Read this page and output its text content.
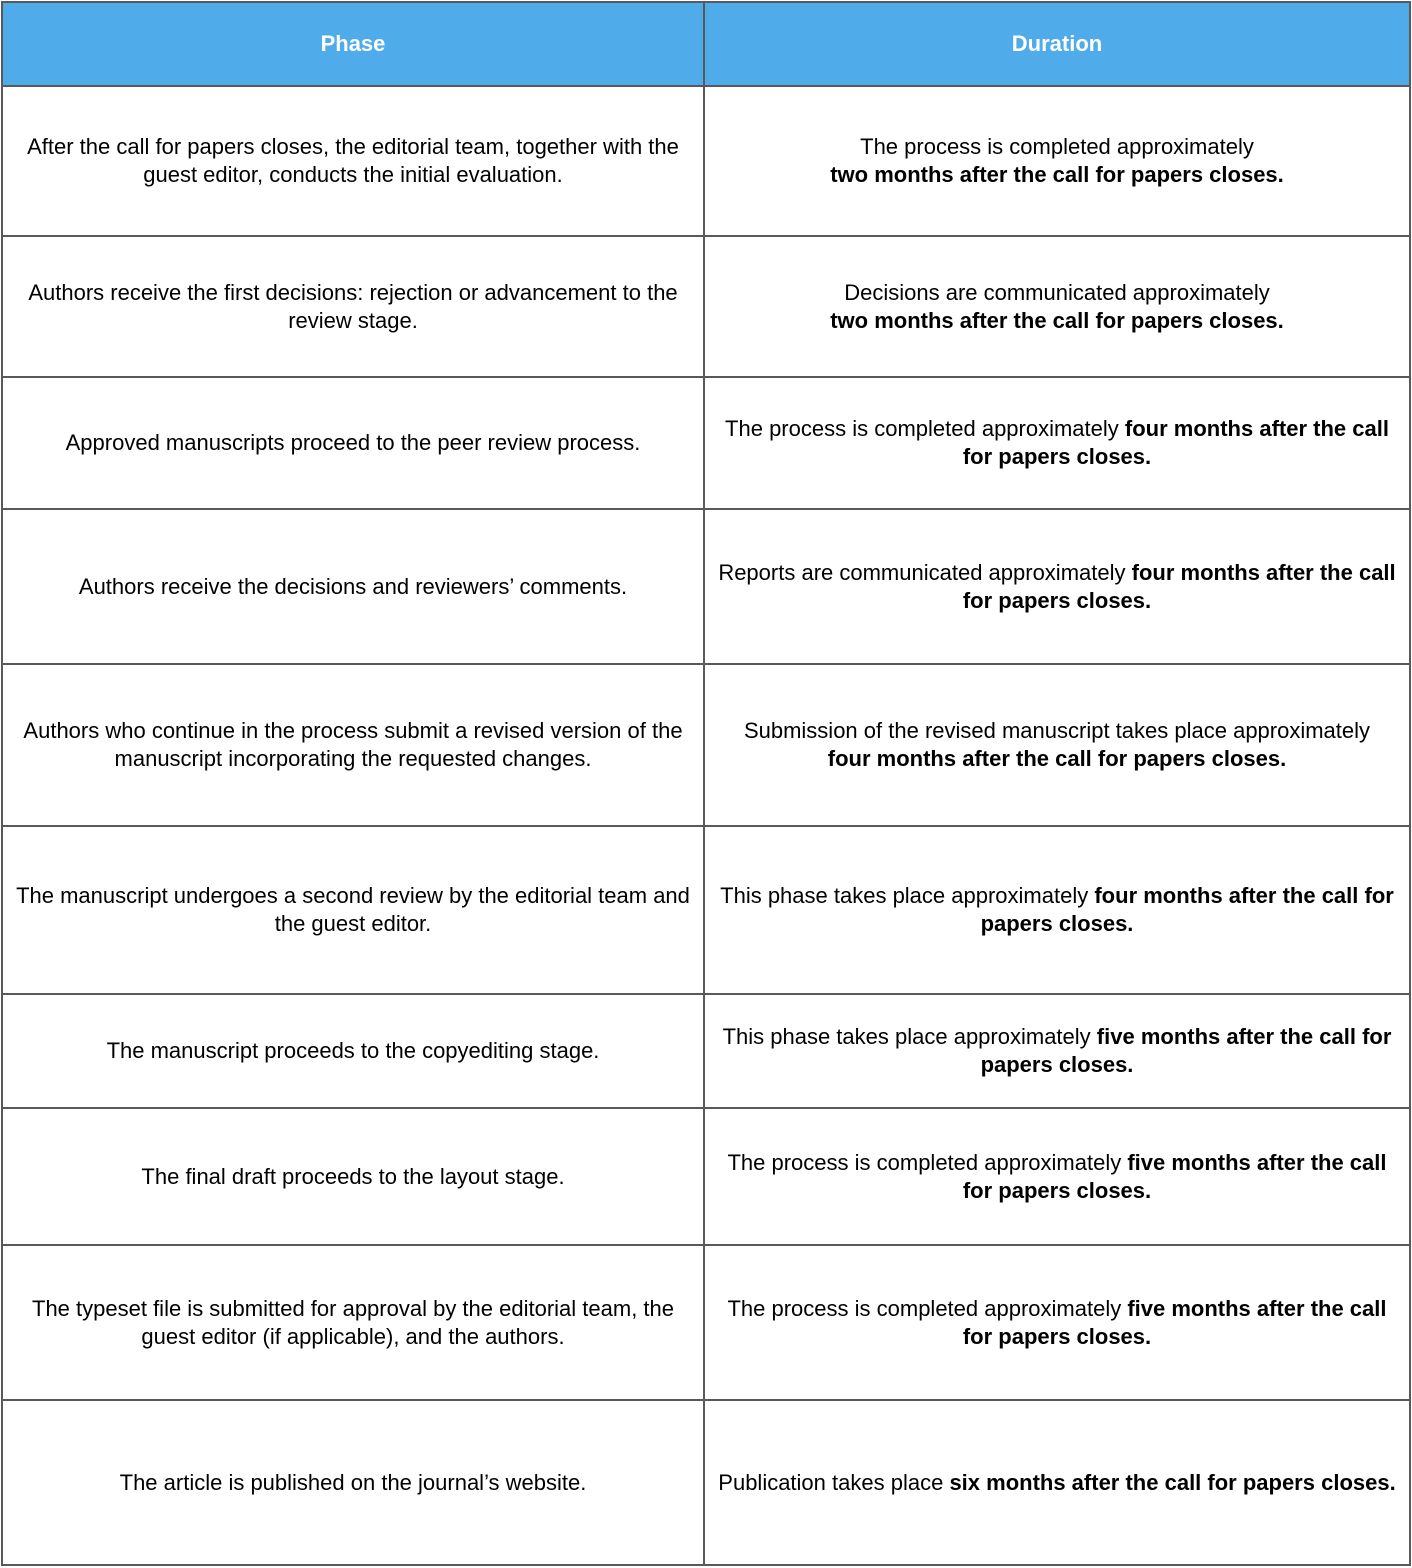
Phase	Duration
After the call for papers closes, the editorial team, together with the guest editor, conducts the initial evaluation.	The process is completed approximately
two months after the call for papers closes.
Authors receive the first decisions: rejection or advancement to the review stage.	Decisions are communicated approximately
two months after the call for papers closes.
Approved manuscripts proceed to the peer review process.	The process is completed approximately four months after the call for papers closes.
Authors receive the decisions and reviewers’ comments.	Reports are communicated approximately four months after the call for papers closes.
Authors who continue in the process submit a revised version of the manuscript incorporating the requested changes.	Submission of the revised manuscript takes place approximately
four months after the call for papers closes.
The manuscript undergoes a second review by the editorial team and the guest editor.	This phase takes place approximately four months after the call for papers closes.
The manuscript proceeds to the copyediting stage.	This phase takes place approximately five months after the call for papers closes.
The final draft proceeds to the layout stage.	The process is completed approximately five months after the call for papers closes.
The typeset file is submitted for approval by the editorial team, the guest editor (if applicable), and the authors.	The process is completed approximately five months after the call for papers closes.
The article is published on the journal’s website.	Publication takes place six months after the call for papers closes.
